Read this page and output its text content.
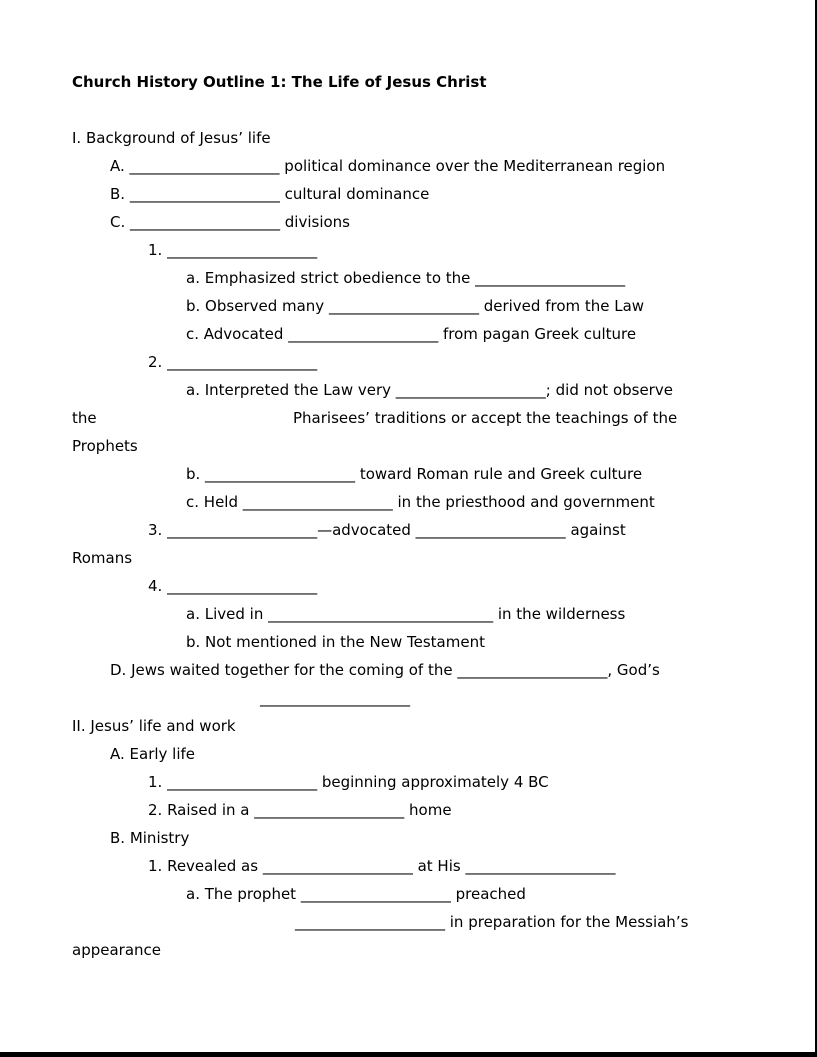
Church History Outline 1: The Life of Jesus Christ
I. Background of Jesus’ life
A. ____________________ political dominance over the Mediterranean region
B. ____________________ cultural dominance
C. ____________________ divisions
1. ____________________
a. Emphasized strict obedience to the ____________________
b. Observed many ____________________ derived from the Law
c. Advocated ____________________ from pagan Greek culture
2. ____________________
a. Interpreted the Law very ____________________; did not observe
the	Pharisees’ traditions or accept the teachings of the
Prophets
b. ____________________ toward Roman rule and Greek culture
c. Held ____________________ in the priesthood and government
3. ____________________—advocated ____________________ against
Romans
4. ____________________
a. Lived in ______________________________ in the wilderness
b. Not mentioned in the New Testament
D. Jews waited together for the coming of the ____________________, God’s
____________________
II. Jesus’ life and work
A. Early life
1. ____________________ beginning approximately 4 BC
2. Raised in a ____________________ home
B. Ministry
1. Revealed as ____________________ at His ____________________
a. The prophet ____________________ preached
____________________ in preparation for the Messiah’s
appearance
